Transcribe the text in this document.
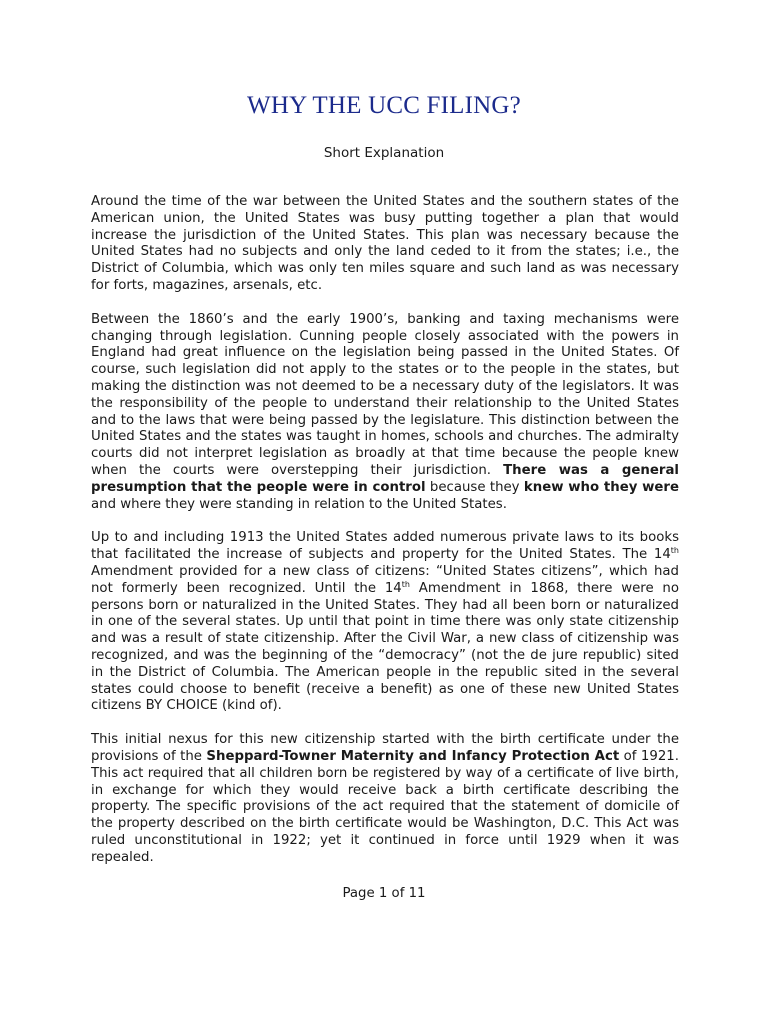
WHY THE UCC FILING?
Short Explanation

Around the time of the war between the United States and the southern states of the American union, the United States was busy putting together a plan that would increase the jurisdiction of the United States. This plan was necessary because the United States had no subjects and only the land ceded to it from the states; i.e., the District of Columbia, which was only ten miles square and such land as was necessary for forts, magazines, arsenals, etc.

Between the 1860’s and the early 1900’s, banking and taxing mechanisms were changing through legislation. Cunning people closely associated with the powers in England had great influence on the legislation being passed in the United States. Of course, such legislation did not apply to the states or to the people in the states, but making the distinction was not deemed to be a necessary duty of the legislators. It was the responsibility of the people to understand their relationship to the United States and to the laws that were being passed by the legislature. This distinction between the United States and the states was taught in homes, schools and churches. The admiralty courts did not interpret legislation as broadly at that time because the people knew when the courts were overstepping their jurisdiction. There was a general presumption that the people were in control because they knew who they were and where they were standing in relation to the United States.

Up to and including 1913 the United States added numerous private laws to its books that facilitated the increase of subjects and property for the United States. The 14th Amendment provided for a new class of citizens: “United States citizens”, which had not formerly been recognized. Until the 14th Amendment in 1868, there were no persons born or naturalized in the United States. They had all been born or naturalized in one of the several states. Up until that point in time there was only state citizenship and was a result of state citizenship. After the Civil War, a new class of citizenship was recognized, and was the beginning of the “democracy” (not the de jure republic) sited in the District of Columbia. The American people in the republic sited in the several states could choose to benefit (receive a benefit) as one of these new United States citizens BY CHOICE (kind of).

This initial nexus for this new citizenship started with the birth certificate under the provisions of the Sheppard-Towner Maternity and Infancy Protection Act of 1921. This act required that all children born be registered by way of a certificate of live birth, in exchange for which they would receive back a birth certificate describing the property. The specific provisions of the act required that the statement of domicile of the property described on the birth certificate would be Washington, D.C. This Act was ruled unconstitutional in 1922; yet it continued in force until 1929 when it was repealed.

Page 1 of 11
